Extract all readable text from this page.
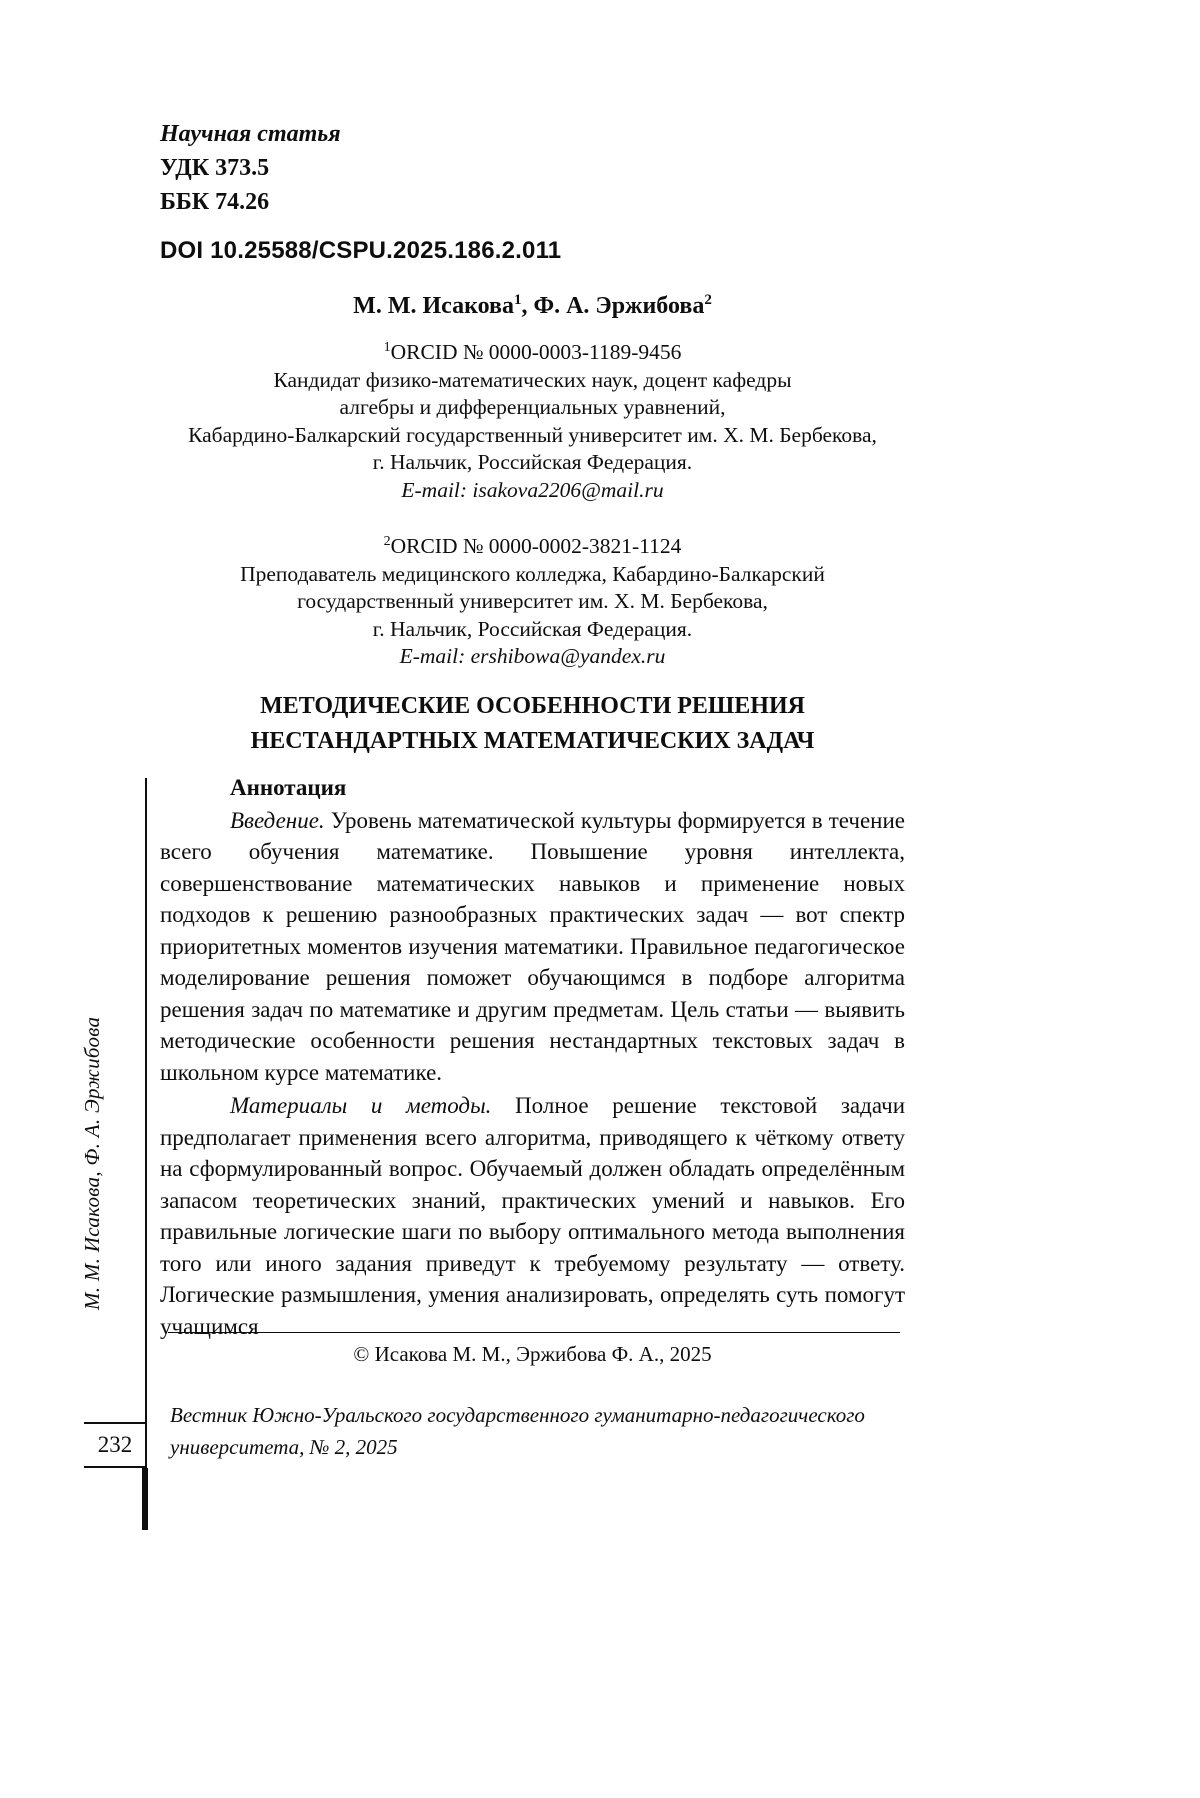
Научная статья
УДК 373.5
ББК 74.26
DOI 10.25588/CSPU.2025.186.2.011
М. М. Исакова$^1$, Ф. А. Эржибова$^2$
$^1$ORCID № 0000-0003-1189-9456
Кандидат физико-математических наук, доцент кафедры
алгебры и дифференциальных уравнений,
Кабардино-Балкарский государственный университет им. Х. М. Бербекова,
г. Нальчик, Российская Федерация.
E-mail: isakova2206@mail.ru
$^2$ORCID № 0000-0002-3821-1124
Преподаватель медицинского колледжа, Кабардино-Балкарский
государственный университет им. Х. М. Бербекова,
г. Нальчик, Российская Федерация.
E-mail: ershibowa@yandex.ru
МЕТОДИЧЕСКИЕ ОСОБЕННОСТИ РЕШЕНИЯ
НЕСТАНДАРТНЫХ МАТЕМАТИЧЕСКИХ ЗАДАЧ
Аннотация

Введение. Уровень математической культуры формируется в течение всего обучения математике. Повышение уровня интеллекта, совершенствование математических навыков и применение новых подходов к решению разнообразных практических задач — вот спектр приоритетных моментов изучения математики. Правильное педагогическое моделирование решения поможет обучающимся в подборе алгоритма решения задач по математике и другим предметам. Цель статьи — выявить методические особенности решения нестандартных текстовых задач в школьном курсе математике.

Материалы и методы. Полное решение текстовой задачи предполагает применения всего алгоритма, приводящего к чёткому ответу на сформулированный вопрос. Обучаемый должен обладать определённым запасом теоретических знаний, практических умений и навыков. Его правильные логические шаги по выбору оптимального метода выполнения того или иного задания приведут к требуемому результату — ответу. Логические размышления, умения анализировать, определять суть помогут учащимся

© Исакова М. М., Эржибова Ф. А., 2025
Вестник Южно-Уральского государственного гуманитарно-педагогического
университета, № 2, 2025
М. М. Исакова, Ф. А. Эржибова
232
